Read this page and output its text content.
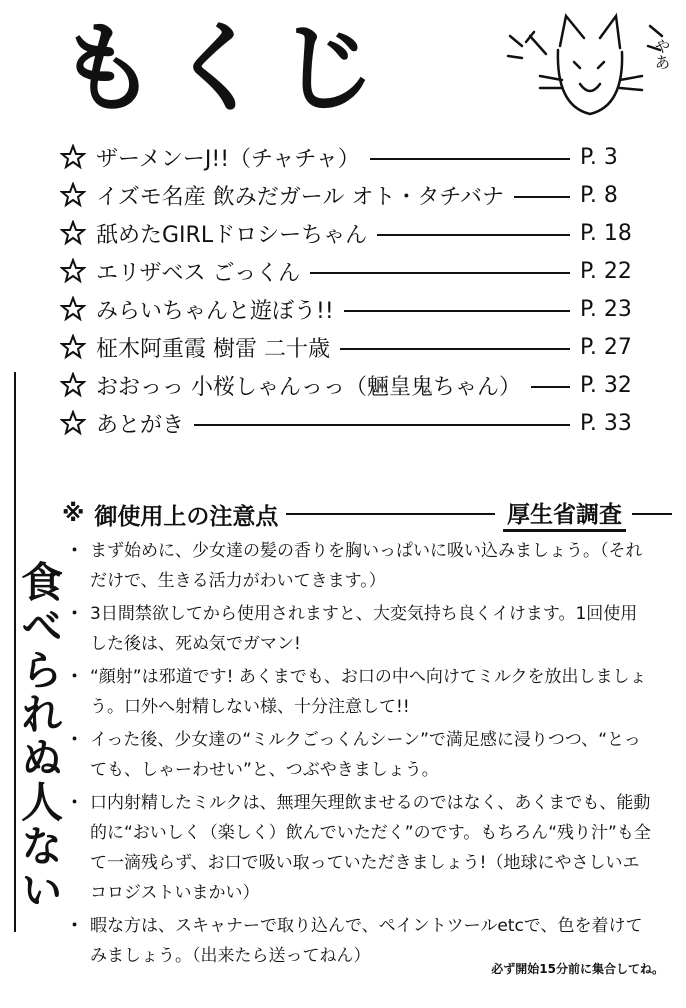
もくじ	やあ
ザーメンーJ!!（チャチャ）	P. 3
イズモ名産 飲みだガール オト・タチバナ	P. 8
舐めたGIRLドロシーちゃん	P. 18
エリザベス ごっくん	P. 22
みらいちゃんと遊ぼう!!	P. 23
柾木阿重霞 樹雷 二十歳	P. 27
おおっっ 小桜しゃんっっ（魎皇鬼ちゃん）	P. 32
あとがき	P. 33
食べられぬ人ない
※ 御使用上の注意点	厚生省調査
・ まず始めに、少女達の髪の香りを胸いっぱいに吸い込みましょう。（それだけで、生きる活力がわいてきます。）
・ 3日間禁欲してから使用されますと、大変気持ち良くイけます。1回使用した後は、死ぬ気でガマン!
・ “顔射”は邪道です! あくまでも、お口の中へ向けてミルクを放出しましょう。口外へ射精しない様、十分注意して!!
・ イった後、少女達の“ミルクごっくんシーン”で満足感に浸りつつ、“とっても、しゃーわせい”と、つぶやきましょう。
・ 口内射精したミルクは、無理矢理飲ませるのではなく、あくまでも、能動的に“おいしく（楽しく）飲んでいただく”のです。もちろん“残り汁”も全て一滴残らず、お口で吸い取っていただきましょう!（地球にやさしいエコロジストいまかい）
・ 暇な方は、スキャナーで取り込んで、ペイントツールetcで、色を着けてみましょう。（出来たら送ってねん）
必ず開始15分前に集合してね。
